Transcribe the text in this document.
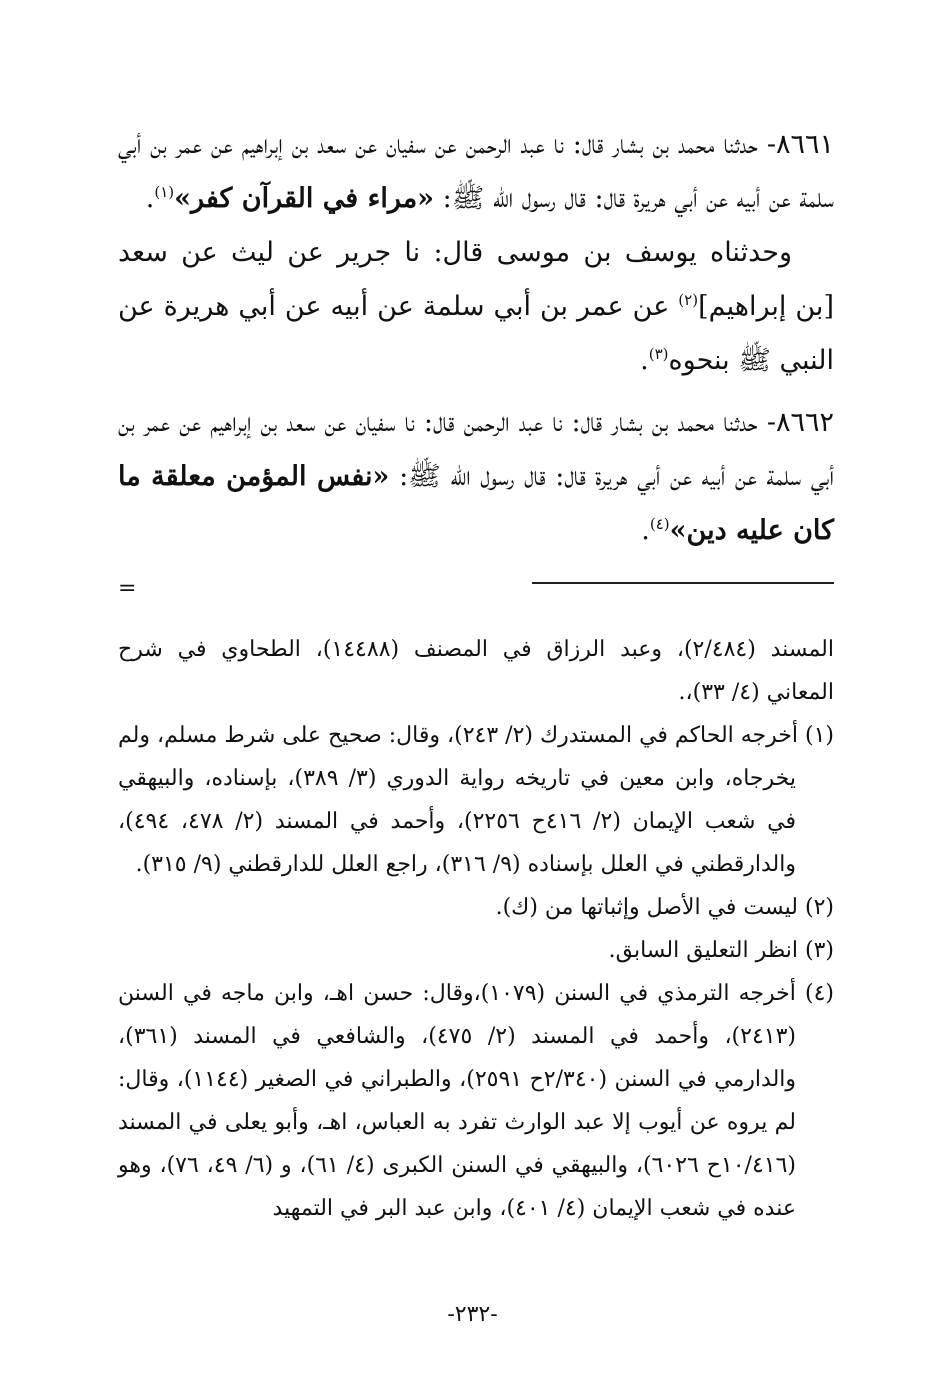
٨٦٦١- حدثنا محمد بن بشار قال: نا عبد الرحمن عن سفيان عن سعد بن إبراهيم عن عمر بن أبي سلمة عن أبيه عن أبي هريرة قال: قال رسول الله ﷺ: «مراء في القرآن كفر»$^{(١)}$.

وحدثناه يوسف بن موسى قال: نا جرير عن ليث عن سعد [بن إبراهيم]$^{(٢)}$ عن عمر بن أبي سلمة عن أبيه عن أبي هريرة عن النبي ﷺ بنحوه$^{(٣)}$.

٨٦٦٢- حدثنا محمد بن بشار قال: نا عبد الرحمن قال: نا سفيان عن سعد بن إبراهيم عن عمر بن أبي سلمة عن أبيه عن أبي هريرة قال: قال رسول الله ﷺ: «نفس المؤمن معلقة ما كان عليه دين»$^{(٤)}$.

=

المسند (٢/٤٨٤)، وعبد الرزاق في المصنف (١٤٤٨٨)، الطحاوي في شرح المعاني (٤/ ٣٣)،.

(١) أخرجه الحاكم في المستدرك (٢/ ٢٤٣)، وقال: صحيح على شرط مسلم، ولم يخرجاه، وابن معين في تاريخه رواية الدوري (٣/ ٣٨٩)، بإسناده، والبيهقي في شعب الإيمان (٢/ ٤١٦ح ٢٢٥٦)، وأحمد في المسند (٢/ ٤٧٨، ٤٩٤)، والدارقطني في العلل بإسناده (٩/ ٣١٦)، راجع العلل للدارقطني (٩/ ٣١٥).

(٢) ليست في الأصل وإثباتها من (ك).

(٣) انظر التعليق السابق.

(٤) أخرجه الترمذي في السنن (١٠٧٩)،وقال: حسن اهـ، وابن ماجه في السنن (٢٤١٣)، وأحمد في المسند (٢/ ٤٧٥)، والشافعي في المسند (٣٦١)، والدارمي في السنن (٢/٣٤٠ح ٢٥٩١)، والطبراني في الصغير (١١٤٤)، وقال: لم يروه عن أيوب إلا عبد الوارث تفرد به العباس، اهـ، وأبو يعلى في المسند (١٠/٤١٦ح ٦٠٢٦)، والبيهقي في السنن الكبرى (٤/ ٦١)، و (٦/ ٤٩، ٧٦)، وهو عنده في شعب الإيمان (٤/ ٤٠١)، وابن عبد البر في التمهيد

-٢٣٢-
